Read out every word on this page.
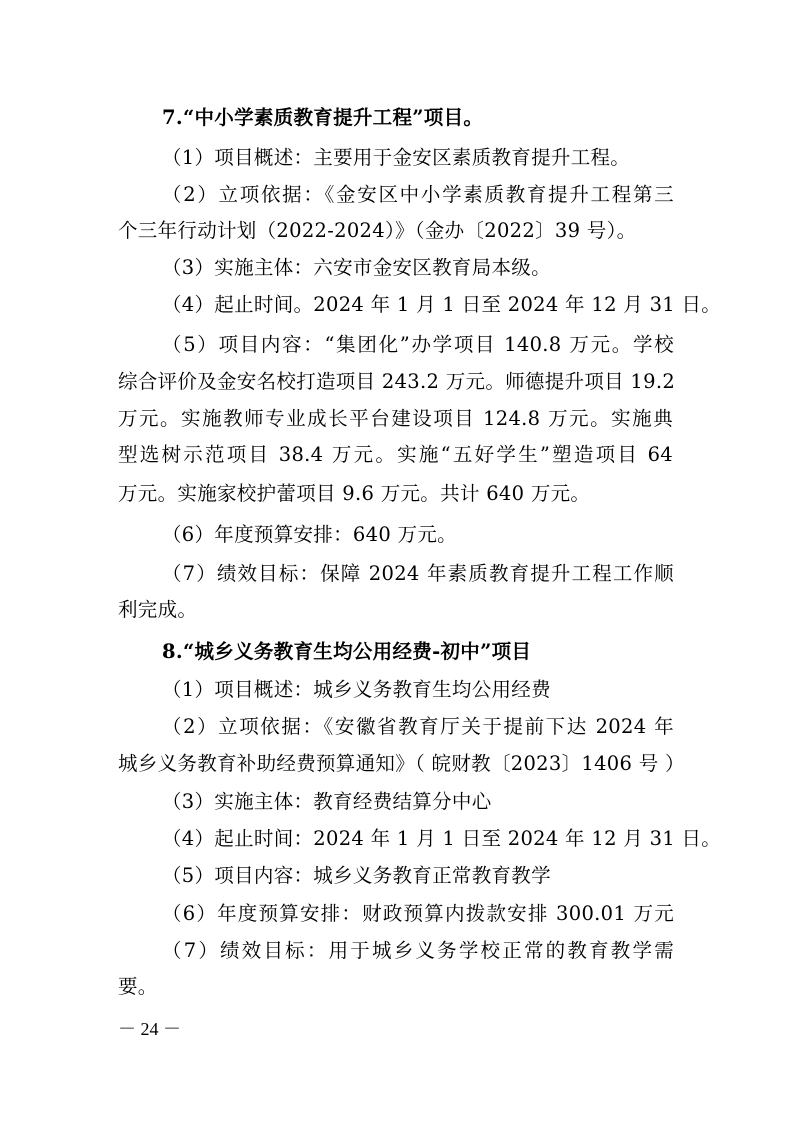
7.“中小学素质教育提升工程”项目。
（1）项目概述：主要用于金安区素质教育提升工程。
（2）立项依据：《金安区中小学素质教育提升工程第三
个三年行动计划（2022-2024）》（金办〔2022〕39 号）。
（3）实施主体：六安市金安区教育局本级。
（4）起止时间。2024 年 1 月 1 日至 2024 年 12 月 31 日。
（5）项目内容：“集团化”办学项目 140.8 万元。学校
综合评价及金安名校打造项目 243.2 万元。师德提升项目 19.2
万元。实施教师专业成长平台建设项目 124.8 万元。实施典
型选树示范项目 38.4 万元。实施“五好学生”塑造项目 64
万元。实施家校护蕾项目 9.6 万元。共计 640 万元。
（6）年度预算安排：640 万元。
（7）绩效目标：保障 2024 年素质教育提升工程工作顺
利完成。
8.“城乡义务教育生均公用经费-初中”项目
（1）项目概述：城乡义务教育生均公用经费
（2）立项依据：《安徽省教育厅关于提前下达 2024 年
城乡义务教育补助经费预算通知》（ 皖财教〔2023〕1406 号 ）
（3）实施主体：教育经费结算分中心
（4）起止时间：2024 年 1 月 1 日至 2024 年 12 月 31 日。
（5）项目内容：城乡义务教育正常教育教学
（6）年度预算安排：财政预算内拨款安排 300.01 万元
（7）绩效目标：用于城乡义务学校正常的教育教学需
要。
－ 24 －
